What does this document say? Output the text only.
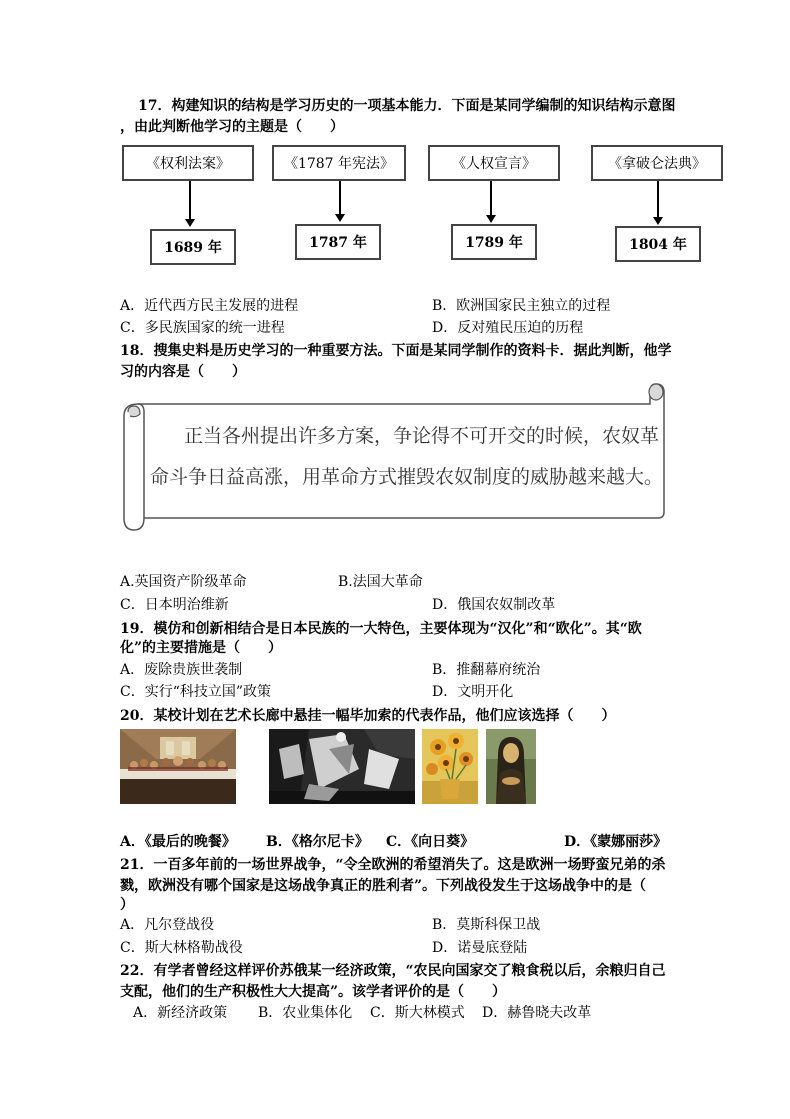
17．构建知识的结构是学习历史的一项基本能力．下面是某同学编制的知识结构示意图
，由此判断他学习的主题是（　　）
《权利法案》	《1787 年宪法》	《人权宣言》	《拿破仑法典》
1689 年	1787 年	1789 年	1804 年
A．近代西方民主发展的进程	B．欧洲国家民主独立的过程
C．多民族国家的统一进程	D．反对殖民压迫的历程
18．搜集史料是历史学习的一种重要方法。下面是某同学制作的资料卡．据此判断，他学
习的内容是（　　）
正当各州提出许多方案，争论得不可开交的时候，农奴革
命斗争日益高涨，用革命方式摧毁农奴制度的威胁越来越大。
A.英国资产阶级革命	B.法国大革命
C．日本明治维新	D．俄国农奴制改革
19．模仿和创新相结合是日本民族的一大特色，主要体现为“汉化”和“欧化”。其“欧
化”的主要措施是（　　）
A．废除贵族世袭制	B．推翻幕府统治
C．实行“科技立国”政策	D．文明开化
20．某校计划在艺术长廊中悬挂一幅毕加索的代表作品，他们应该选择（　　）
A．《最后的晚餐》 B．《格尔尼卡》 C．《向日葵》	D．《蒙娜丽莎》
21．一百多年前的一场世界战争，“令全欧洲的希望消失了。这是欧洲一场野蛮兄弟的杀
戮，欧洲没有哪个国家是这场战争真正的胜利者”。下列战役发生于这场战争中的是（
）
A．凡尔登战役	B．莫斯科保卫战
C．斯大林格勒战役	D．诺曼底登陆
22．有学者曾经这样评价苏俄某一经济政策，“农民向国家交了粮食税以后，余粮归自己
支配，他们的生产积极性大大提高”。该学者评价的是（　　）
A．新经济政策 B．农业集体化 C．斯大林模式 D．赫鲁晓夫改革
